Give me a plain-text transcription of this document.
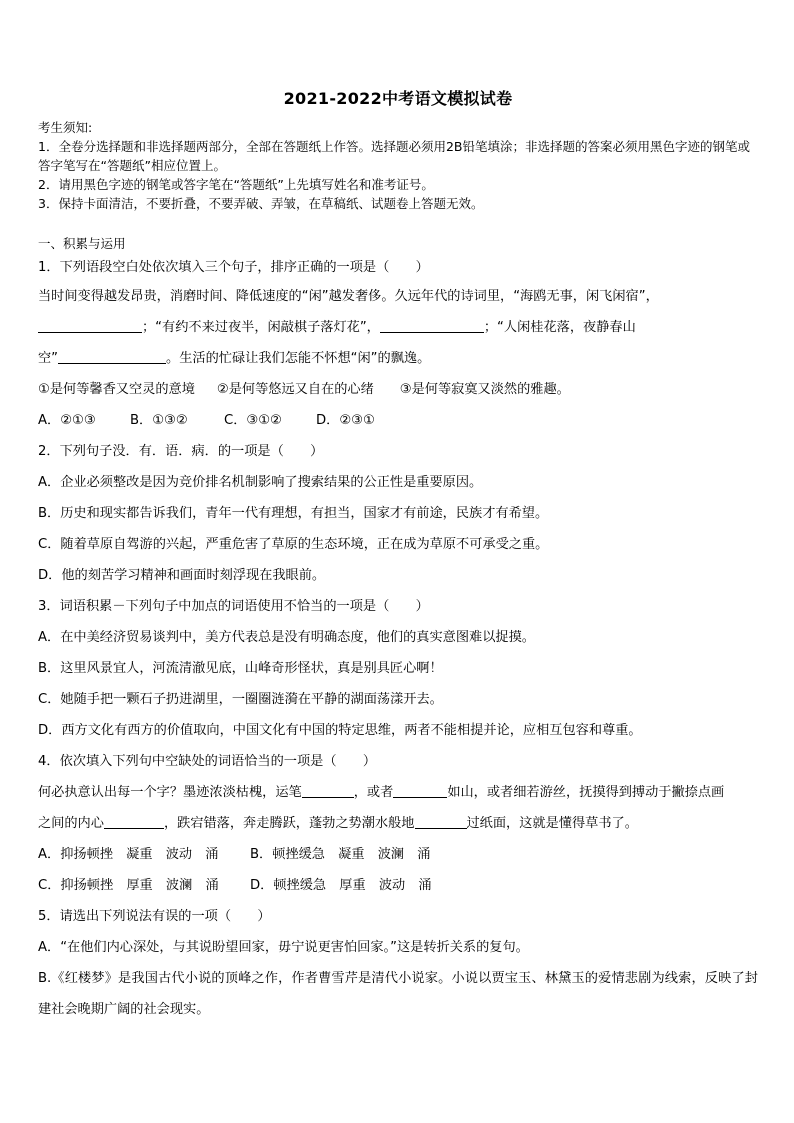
2021-2022中考语文模拟试卷

考生须知:

1．全卷分选择题和非选择题两部分，全部在答题纸上作答。选择题必须用2B铅笔填涂；非选择题的答案必须用黑色字迹的钢笔或答字笔写在“答题纸”相应位置上。

2．请用黑色字迹的钢笔或答字笔在“答题纸”上先填写姓名和准考证号。

3．保持卡面清洁，不要折叠，不要弄破、弄皱，在草稿纸、试题卷上答题无效。

一、积累与运用

1．下列语段空白处依次填入三个句子，排序正确的一项是（　　）

当时间变得越发昂贵，消磨时间、降低速度的“闲”越发奢侈。久远年代的诗词里，“海鸥无事，闲飞闲宿”，

；“有约不来过夜半，闲敲棋子落灯花”，	；“人闲桂花落，夜静春山

空”	。生活的忙碌让我们怎能不怀想“闲”的飘逸。

①是何等馨香又空灵的意境 ②是何等悠远又自在的心绪 ③是何等寂寞又淡然的雅趣。

A．②①③	B．①③②	C．③①②	D．②③①

2．下列句子没．有．语．病．的一项是（　　）

A．企业必须整改是因为竞价排名机制影响了搜索结果的公正性是重要原因。

B．历史和现实都告诉我们，青年一代有理想，有担当，国家才有前途，民族才有希望。

C．随着草原自驾游的兴起，严重危害了草原的生态环境，正在成为草原不可承受之重。

D．他的刻苦学习精神和画面时刻浮现在我眼前。

3．词语积累－下列句子中加点的词语使用不恰当的一项是（　　）

A．在中美经济贸易谈判中，美方代表总是没有明确态度，他们的真实意图难以捉摸。

B．这里风景宜人，河流清澈见底，山峰奇形怪状，真是别具匠心啊！

C．她随手把一颗石子扔进湖里，一圈圈涟漪在平静的湖面荡漾开去。

D．西方文化有西方的价值取向，中国文化有中国的特定思维，两者不能相提并论，应相互包容和尊重。

4．依次填入下列句中空缺处的词语恰当的一项是（　　）

何必执意认出每一个字？墨迹浓淡枯槐，运笔	，或者	如山，或者细若游丝，抚摸得到搏动于撇捺点画

之间的内心	，跌宕错落，奔走腾跃，蓬勃之势潮水般地	过纸面，这就是懂得草书了。

A．抑扬顿挫　凝重　波动　涌 B．顿挫缓急　凝重　波澜　涌

C．抑扬顿挫　厚重　波澜　涌 D．顿挫缓急　厚重　波动　涌

5．请选出下列说法有误的一项（　　）

A．“在他们内心深处，与其说盼望回家，毋宁说更害怕回家。”这是转折关系的复句。

B.《红楼梦》是我国古代小说的顶峰之作，作者曹雪芹是清代小说家。小说以贾宝玉、林黛玉的爱情悲剧为线索，反映了封建社会晚期广阔的社会现实。
